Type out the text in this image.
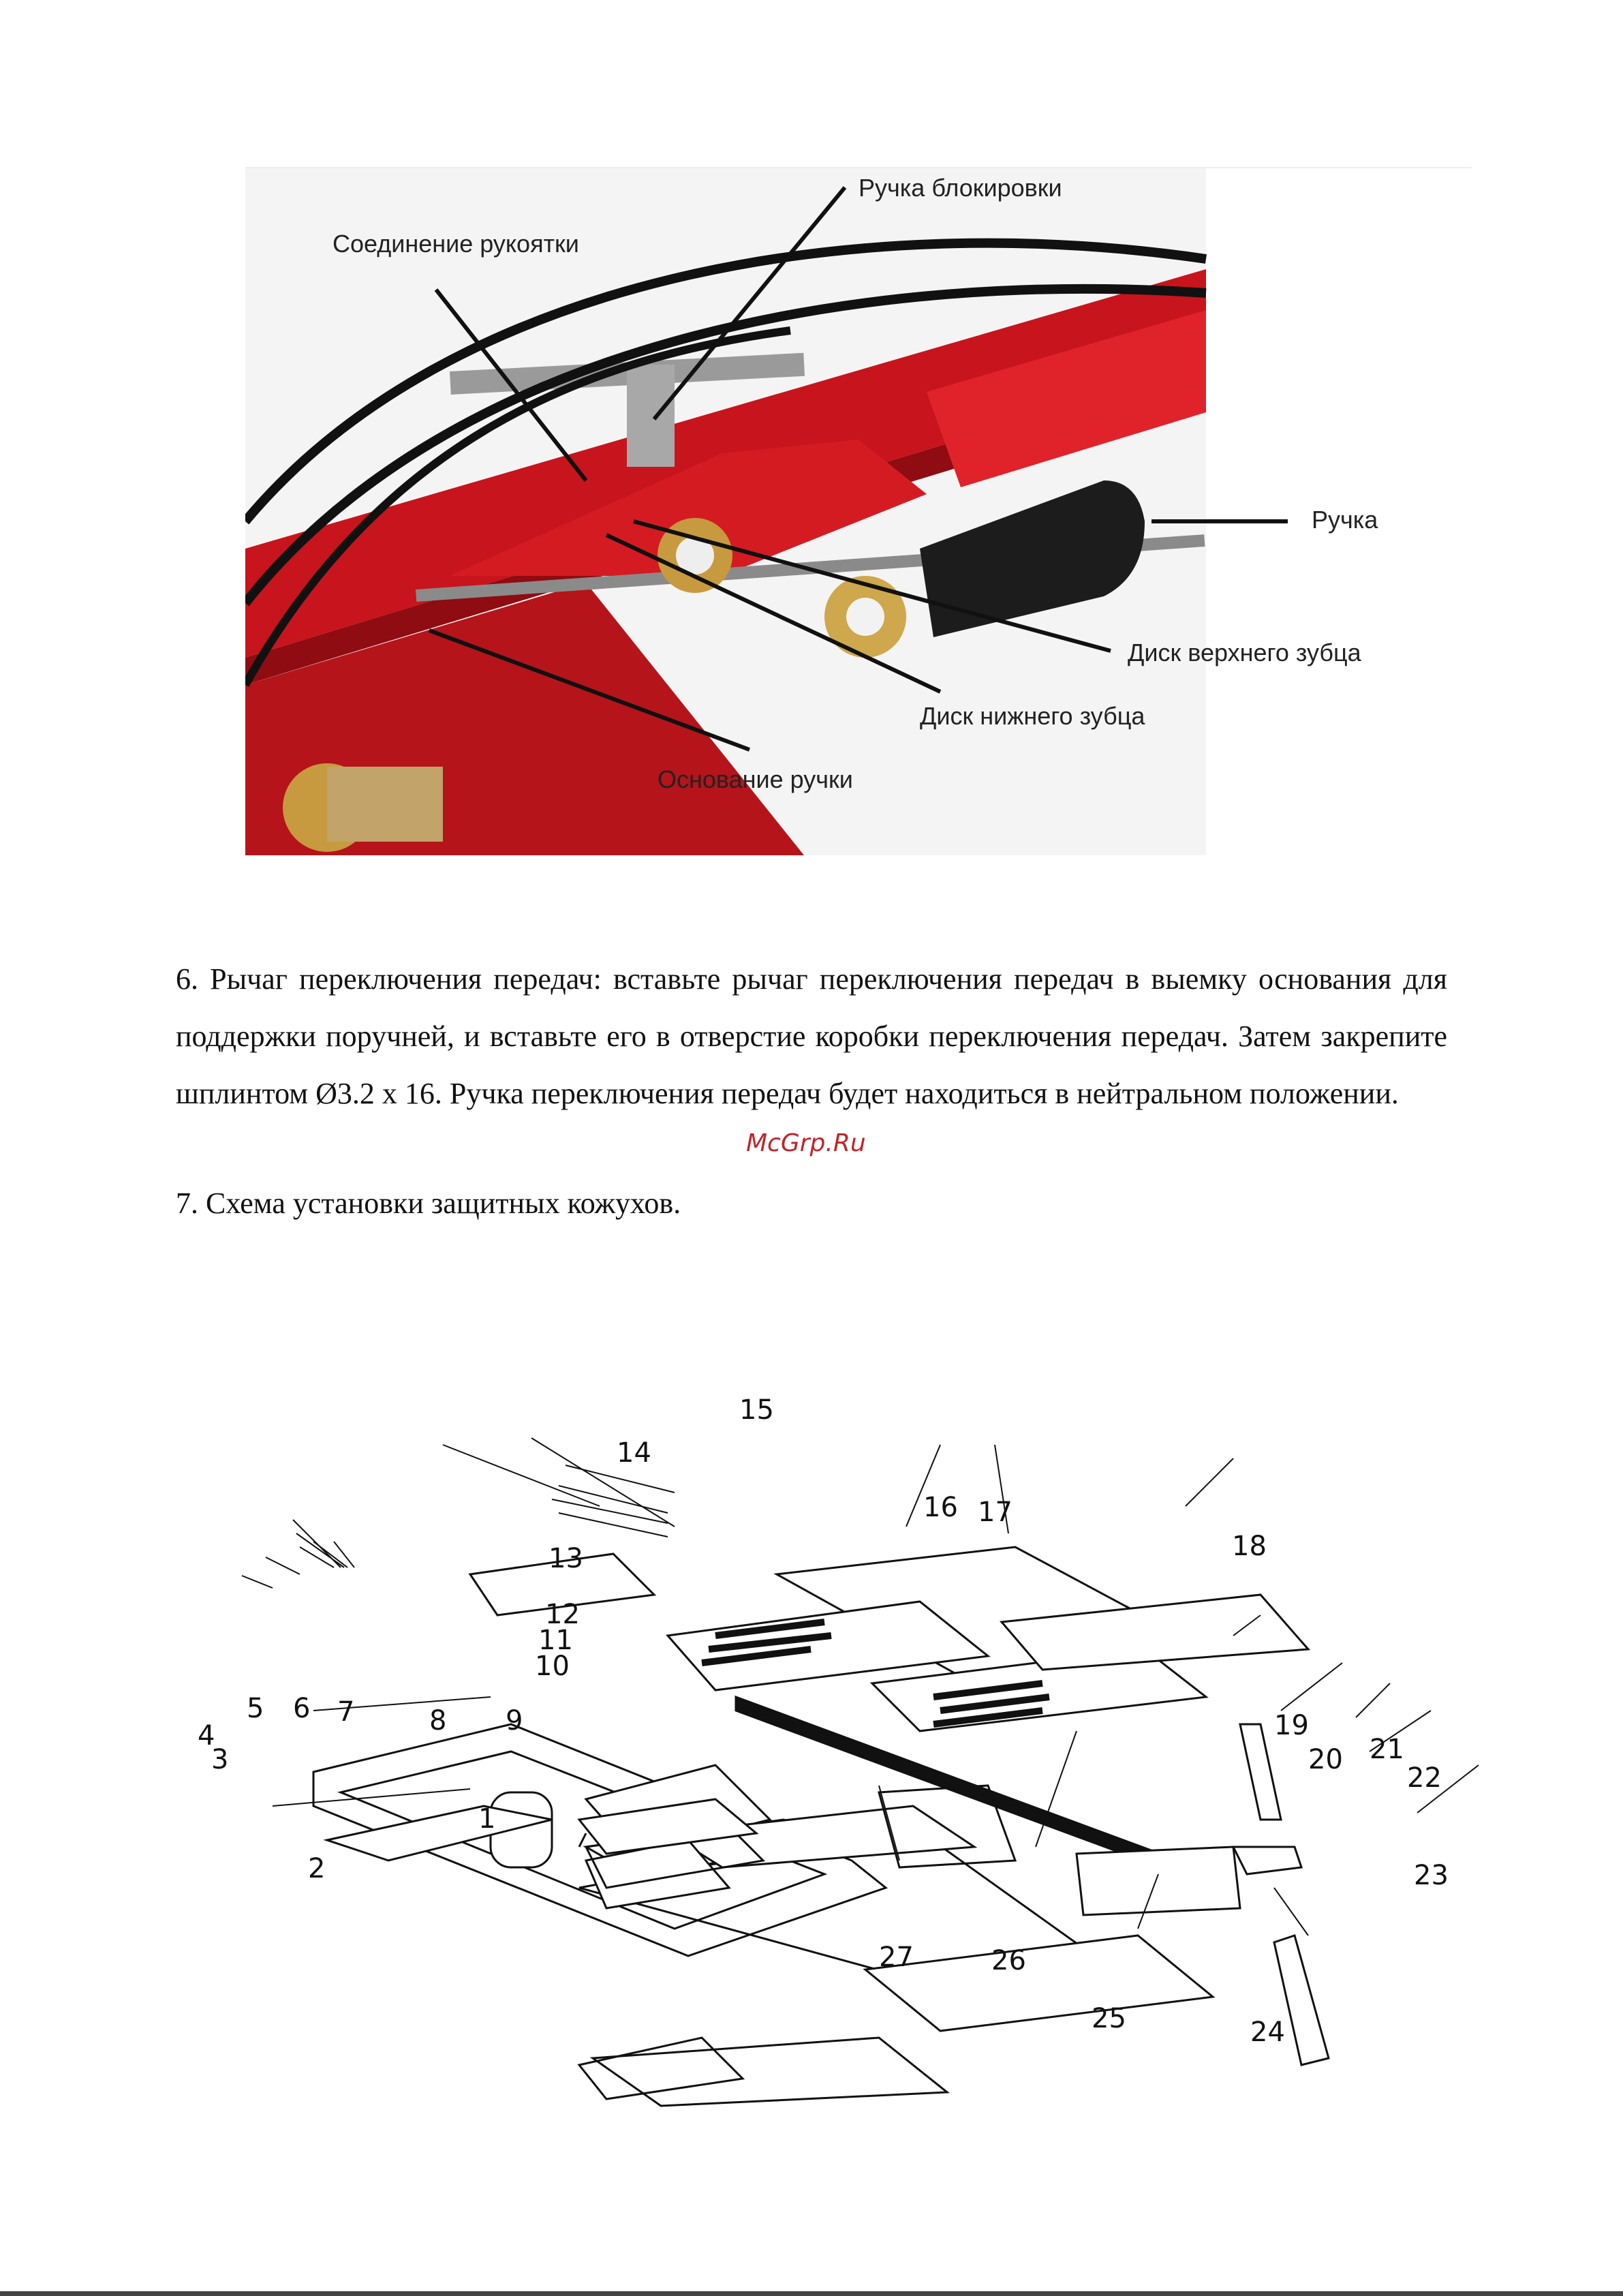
Ручка блокировки
Соединение рукоятки
Ручка
Диск верхнего зубца
Диск нижнего зубца
Основание ручки

6. Рычаг переключения передач: вставьте рычаг переключения передач в выемку основания для поддержки поручней, и вставьте его в отверстие коробки переключения передач. Затем закрепите шплинтом Ø3.2 x 16. Ручка переключения передач будет находиться в нейтральном положении.

McGrp.Ru
7. Схема установки защитных кожухов.
1
2
3
4
5 6 7	8 9
10
11
12
13
14
15
16 17
18
19
20 21
22
23
24
25
26
27
